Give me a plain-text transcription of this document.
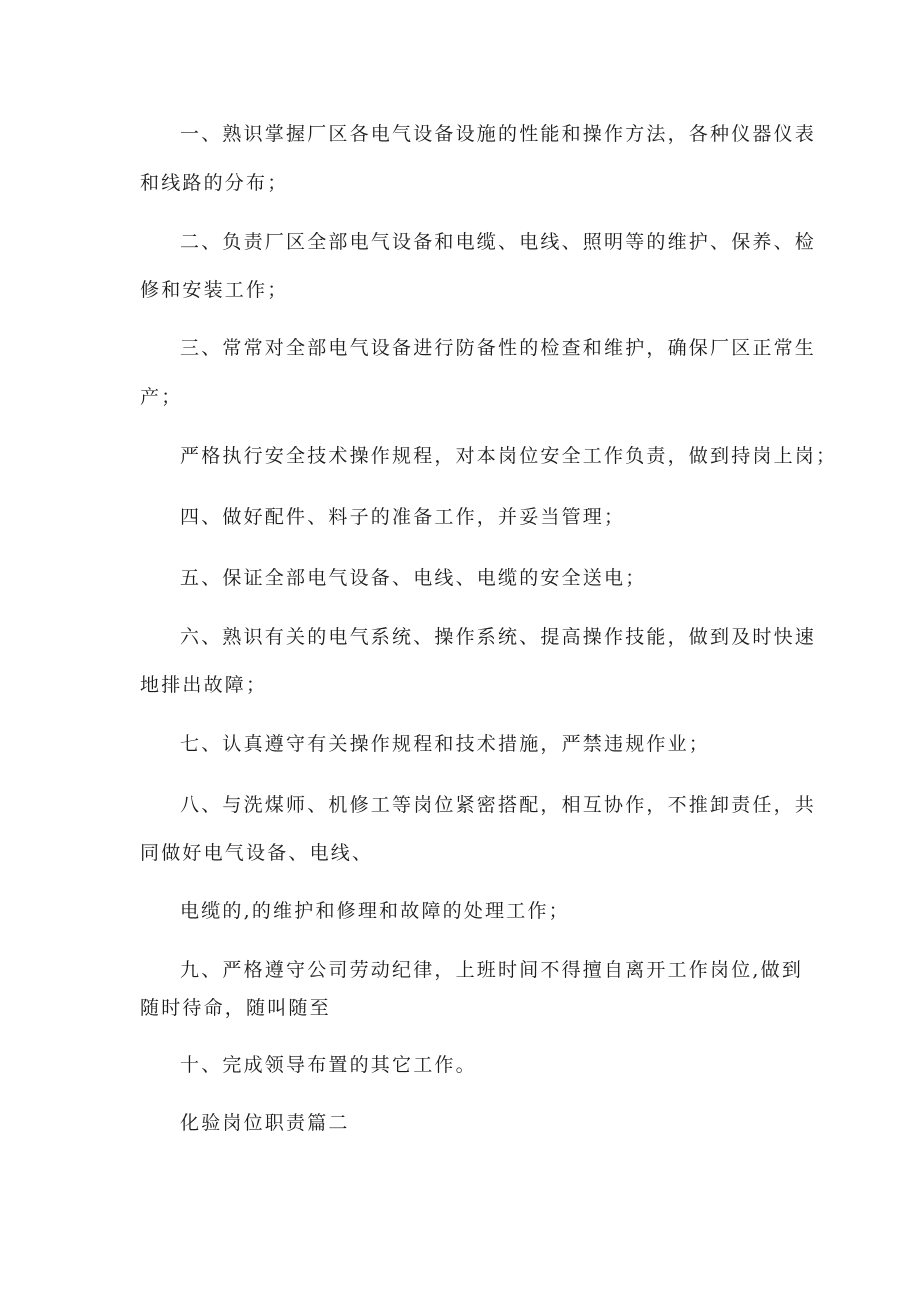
一、熟识掌握厂区各电气设备设施的性能和操作方法，各种仪器仪表
和线路的分布；
二、负责厂区全部电气设备和电缆、电线、照明等的维护、保养、检
修和安装工作；
三、常常对全部电气设备进行防备性的检查和维护，确保厂区正常生
产；
严格执行安全技术操作规程，对本岗位安全工作负责，做到持岗上岗；
四、做好配件、料子的准备工作，并妥当管理；
五、保证全部电气设备、电线、电缆的安全送电；
六、熟识有关的电气系统、操作系统、提高操作技能，做到及时快速
地排出故障；
七、认真遵守有关操作规程和技术措施，严禁违规作业；
八、与洗煤师、机修工等岗位紧密搭配，相互协作，不推卸责任，共
同做好电气设备、电线、
电缆的,的维护和修理和故障的处理工作；
九、严格遵守公司劳动纪律，上班时间不得擅自离开工作岗位,做到
随时待命，随叫随至
十、完成领导布置的其它工作。
化验岗位职责篇二
